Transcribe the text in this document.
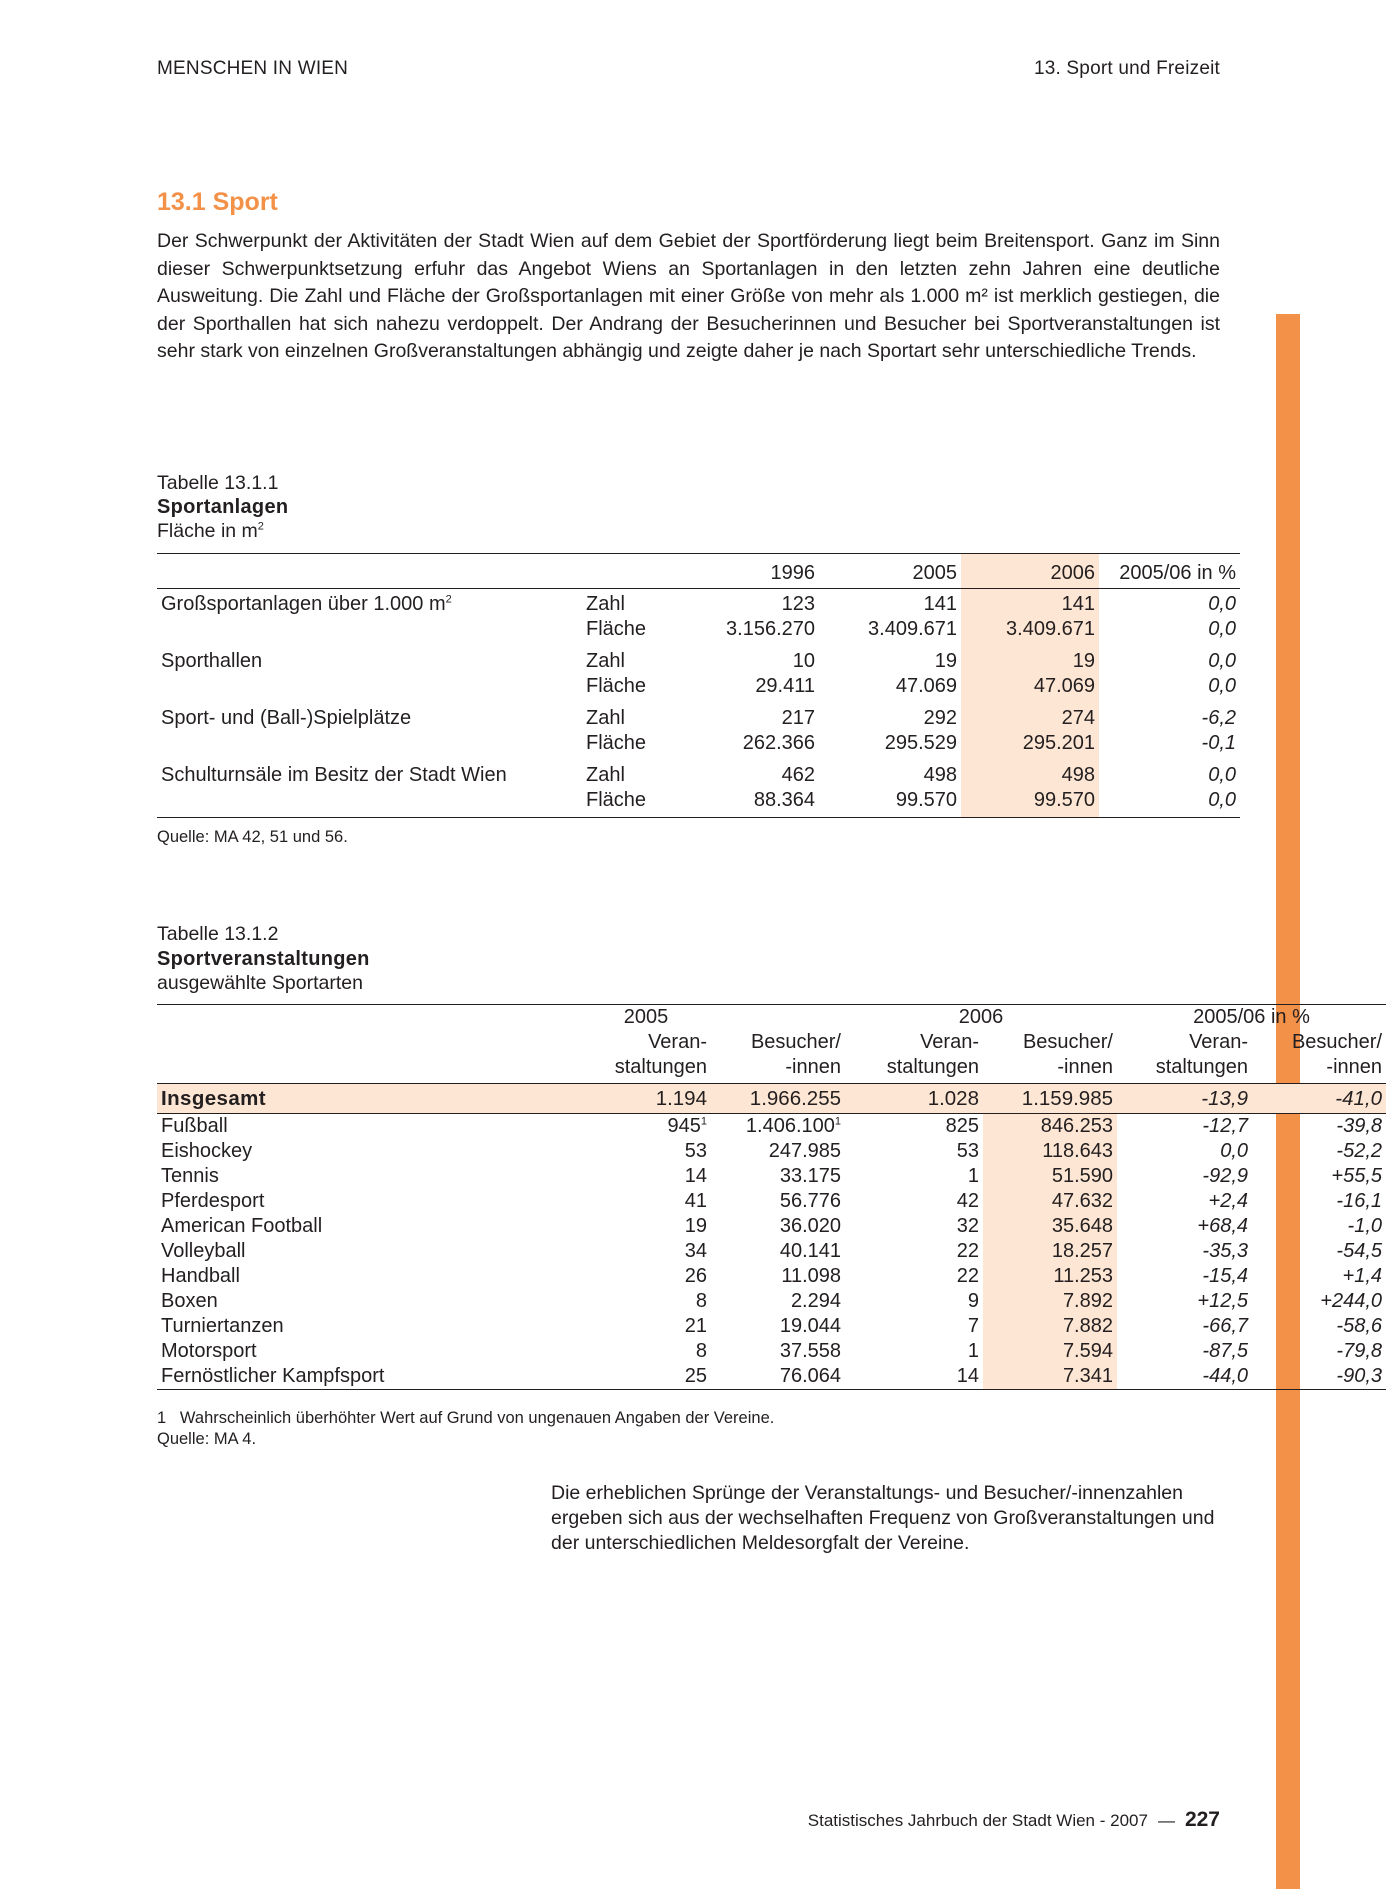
MENSCHEN IN WIEN	13. Sport und Freizeit
13.1 Sport

Der Schwerpunkt der Aktivitäten der Stadt Wien auf dem Gebiet der Sportförderung liegt beim Breitensport. Ganz im Sinn dieser Schwerpunktsetzung erfuhr das Angebot Wiens an Sportanlagen in den letzten zehn Jahren eine deutliche Ausweitung. Die Zahl und Fläche der Großsportanlagen mit einer Größe von mehr als 1.000 m² ist merklich gestiegen, die der Sporthallen hat sich nahezu verdoppelt. Der Andrang der Besucherinnen und Besucher bei Sportveranstaltungen ist sehr stark von einzelnen Großveranstaltungen abhängig und zeigte daher je nach Sportart sehr unterschiedliche Trends.

Tabelle 13.1.1
Sportanlagen
Fläche in $m^2$
		1996	2005	2006	2005/06 in %
Großsportanlagen über 1.000 $m^2$	Zahl	123	141	141	0,0
	Fläche	3.156.270	3.409.671	3.409.671	0,0
Sporthallen	Zahl	10	19	19	0,0
	Fläche	29.411	47.069	47.069	0,0
Sport- und (Ball-)Spielplätze	Zahl	217	292	274	-6,2
	Fläche	262.366	295.529	295.201	-0,1
Schulturnsäle im Besitz der Stadt Wien	Zahl	462	498	498	0,0
	Fläche	88.364	99.570	99.570	0,0
Quelle: MA 42, 51 und 56.
Tabelle 13.1.2
Sportveranstaltungen
ausgewählte Sportarten
	2005		2006		2005/06 in %	
	Veran-	Besucher/	Veran-	Besucher/	Veran-	Besucher/
	staltungen	-innen	staltungen	-innen	staltungen	-innen
Insgesamt	1.194	1.966.255	1.028	1.159.985	-13,9	-41,0
Fußball	$945^1$	1.406.100$^1$	825	846.253	-12,7	-39,8
Eishockey	53	247.985	53	118.643	0,0	-52,2
Tennis	14	33.175	1	51.590	-92,9	+55,5
Pferdesport	41	56.776	42	47.632	+2,4	-16,1
American Football	19	36.020	32	35.648	+68,4	-1,0
Volleyball	34	40.141	22	18.257	-35,3	-54,5
Handball	26	11.098	22	11.253	-15,4	+1,4
Boxen	8	2.294	9	7.892	+12,5	+244,0
Turniertanzen	21	19.044	7	7.882	-66,7	-58,6
Motorsport	8	37.558	1	7.594	-87,5	-79,8
Fernöstlicher Kampfsport	25	76.064	14	7.341	-44,0	-90,3
1   Wahrscheinlich überhöhter Wert auf Grund von ungenauen Angaben der Vereine.
Quelle: MA 4.

Die erheblichen Sprünge der Veranstaltungs- und Besucher/-innenzahlen ergeben sich aus der wechselhaften Frequenz von Großveranstaltungen und der unterschiedlichen Meldesorgfalt der Vereine.

Statistisches Jahrbuch der Stadt Wien - 2007 — 227
